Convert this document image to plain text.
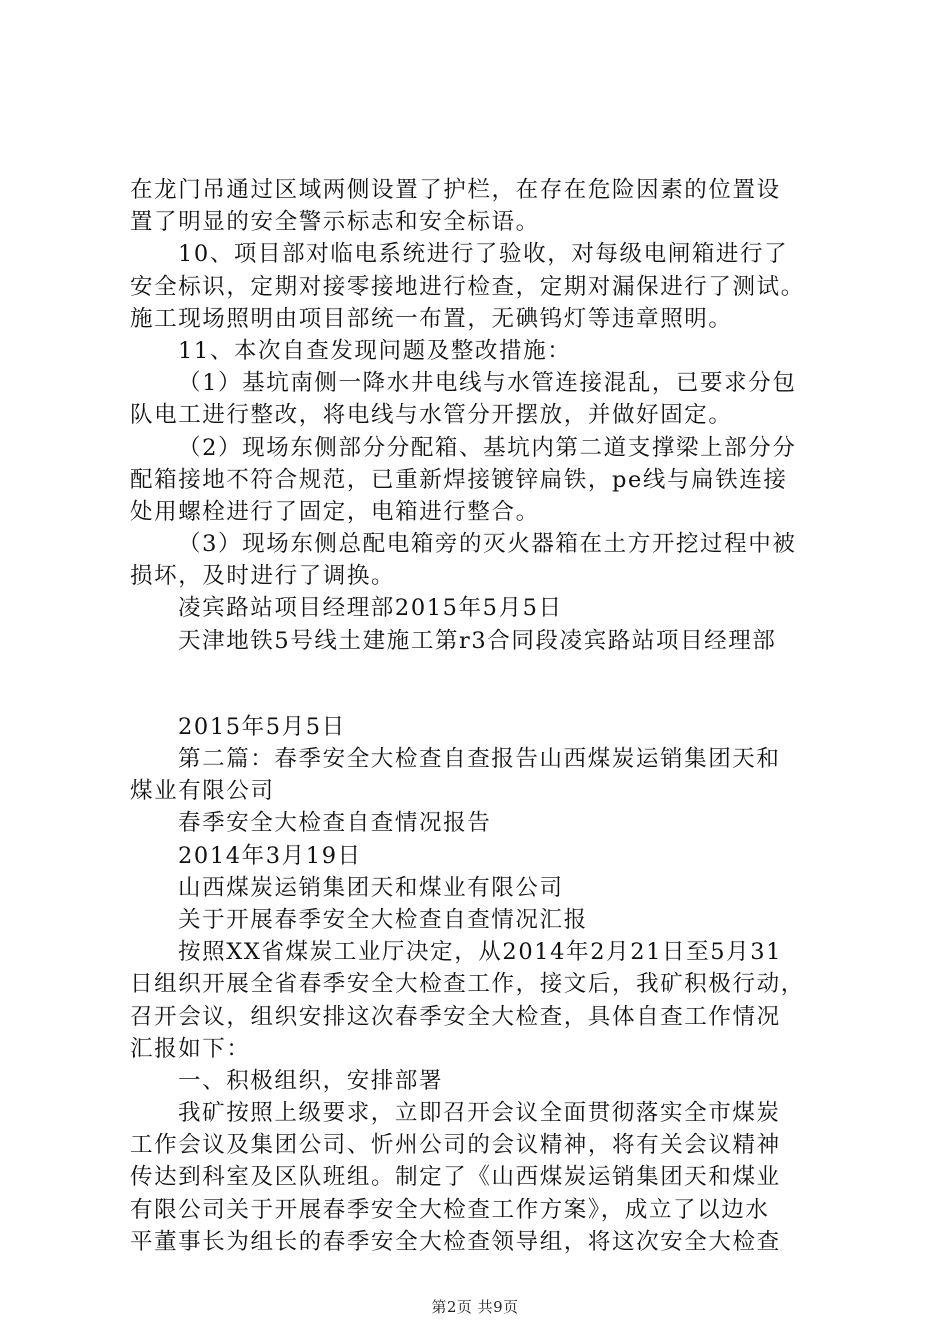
在龙门吊通过区域两侧设置了护栏，在存在危险因素的位置设
置了明显的安全警示标志和安全标语。
10、项目部对临电系统进行了验收，对每级电闸箱进行了
安全标识，定期对接零接地进行检查，定期对漏保进行了测试。
施工现场照明由项目部统一布置，无碘钨灯等违章照明。
11、本次自查发现问题及整改措施：
（1）基坑南侧一降水井电线与水管连接混乱，已要求分包
队电工进行整改，将电线与水管分开摆放，并做好固定。
（2）现场东侧部分分配箱、基坑内第二道支撑梁上部分分
配箱接地不符合规范，已重新焊接镀锌扁铁，pe线与扁铁连接
处用螺栓进行了固定，电箱进行整合。
（3）现场东侧总配电箱旁的灭火器箱在土方开挖过程中被
损坏，及时进行了调换。
凌宾路站项目经理部2015年5月5日
天津地铁5号线土建施工第r3合同段凌宾路站项目经理部
2015年5月5日
第二篇：春季安全大检查自查报告山西煤炭运销集团天和
煤业有限公司
春季安全大检查自查情况报告
2014年3月19日
山西煤炭运销集团天和煤业有限公司
关于开展春季安全大检查自查情况汇报
按照XX省煤炭工业厅决定，从2014年2月21日至5月31
日组织开展全省春季安全大检查工作，接文后，我矿积极行动，
召开会议，组织安排这次春季安全大检查，具体自查工作情况
汇报如下：
一、积极组织，安排部署
我矿按照上级要求，立即召开会议全面贯彻落实全市煤炭
工作会议及集团公司、忻州公司的会议精神，将有关会议精神
传达到科室及区队班组。制定了《山西煤炭运销集团天和煤业
有限公司关于开展春季安全大检查工作方案》，成立了以边水
平董事长为组长的春季安全大检查领导组，将这次安全大检查
第2页 共9页
